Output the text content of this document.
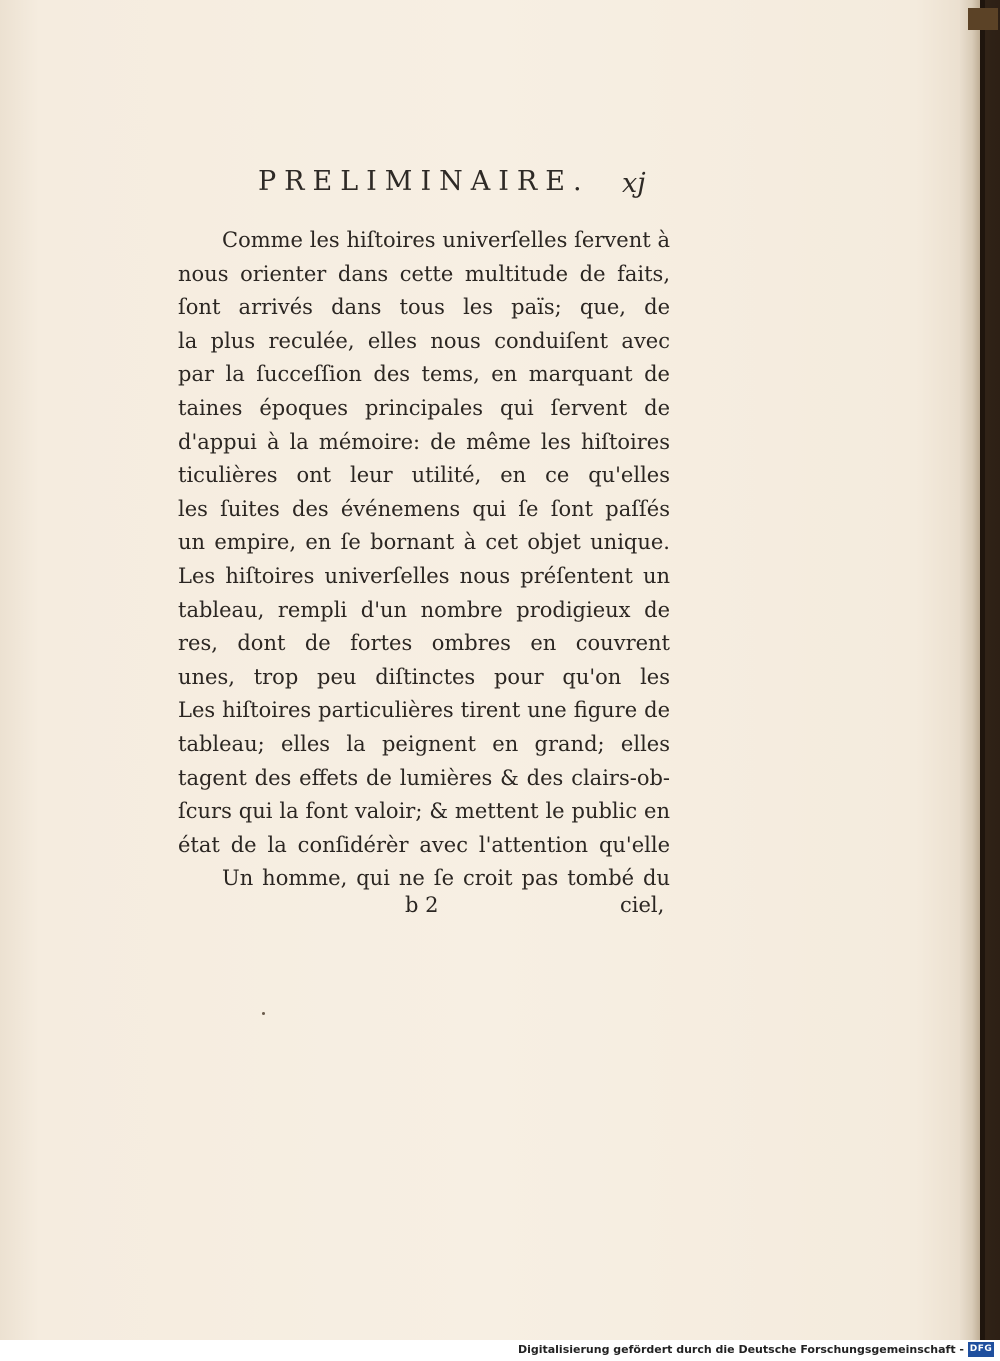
PRELIMINAIRE. xj
Comme les hiſtoires univerſelles ſervent à
nous orienter dans cette multitude de faits,
ſont arrivés dans tous les païs; que, de
la plus reculée, elles nous conduiſent avec
par la ſucceſſion des tems, en marquant de
taines époques principales qui ſervent de
d'appui à la mémoire: de même les hiſtoires
ticulières ont leur utilité, en ce qu'elles
les ſuites des événemens qui ſe ſont paſſés
un empire, en ſe bornant à cet objet unique.
Les hiſtoires univerſelles nous préſentent un
tableau, rempli d'un nombre prodigieux de
res, dont de fortes ombres en couvrent
unes, trop peu diſtinctes pour qu'on les
Les hiſtoires particulières tirent une figure de
tableau; elles la peignent en grand; elles
tagent des effets de lumières & des clairs-ob-
ſcurs qui la font valoir; & mettent le public en
état de la conſidérèr avec l'attention qu'elle
Un homme, qui ne ſe croit pas tombé du
b 2	ciel,
Digitalisierung gefördert durch die Deutsche Forschungsgemeinschaft - DFG
